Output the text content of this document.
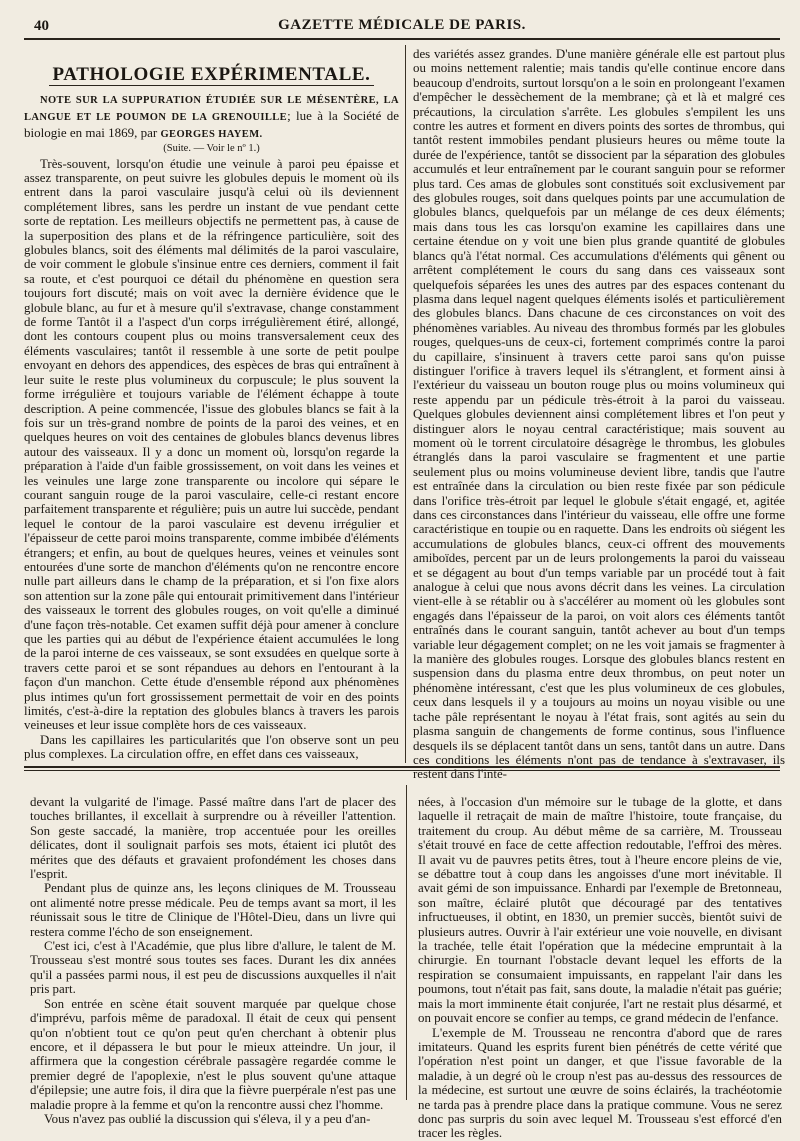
40	GAZETTE MÉDICALE DE PARIS.
PATHOLOGIE EXPÉRIMENTALE.

NOTE SUR LA SUPPURATION ÉTUDIÉE SUR LE MÉSENTÈRE, LA LANGUE ET LE POUMON DE LA GRENOUILLE; lue à la Société de biologie en mai 1869, par GEORGES HAYEM.

(Suite. — Voir le nº 1.)

Très-souvent, lorsqu'on étudie une veinule à paroi peu épaisse et assez transparente, on peut suivre les globules depuis le moment où ils entrent dans la paroi vasculaire jusqu'à celui où ils deviennent complétement libres, sans les perdre un instant de vue pendant cette sorte de reptation. Les meilleurs objectifs ne permettent pas, à cause de la superposition des plans et de la réfringence particulière, soit des globules blancs, soit des éléments mal délimités de la paroi vasculaire, de voir comment le globule s'insinue entre ces derniers, comment il fait sa route, et c'est pourquoi ce détail du phénomène en question sera toujours fort discuté; mais on voit avec la dernière évidence que le globule blanc, au fur et à mesure qu'il s'extravase, change constamment de forme Tantôt il a l'aspect d'un corps irrégulièrement étiré, allongé, dont les contours coupent plus ou moins transversalement ceux des éléments vasculaires; tantôt il ressemble à une sorte de petit poulpe envoyant en dehors des appendices, des espèces de bras qui entraînent à leur suite le reste plus volumineux du corpuscule; le plus souvent la forme irrégulière et toujours variable de l'élément échappe à toute description. A peine commencée, l'issue des globules blancs se fait à la fois sur un très-grand nombre de points de la paroi des veines, et en quelques heures on voit des centaines de globules blancs devenus libres autour des vaisseaux. Il y a donc un moment où, lorsqu'on regarde la préparation à l'aide d'un faible grossissement, on voit dans les veines et les veinules une large zone transparente ou incolore qui sépare le courant sanguin rouge de la paroi vasculaire, celle-ci restant encore parfaitement transparente et régulière; puis un autre lui succède, pendant lequel le contour de la paroi vasculaire est devenu irrégulier et l'épaisseur de cette paroi moins transparente, comme imbibée d'éléments étrangers; et enfin, au bout de quelques heures, veines et veinules sont entourées d'une sorte de manchon d'éléments qu'on ne rencontre encore nulle part ailleurs dans le champ de la préparation, et si l'on fixe alors son attention sur la zone pâle qui entourait primitivement dans l'intérieur des vaisseaux le torrent des globules rouges, on voit qu'elle a diminué d'une façon très-notable. Cet examen suffit déjà pour amener à conclure que les parties qui au début de l'expérience étaient accumulées le long de la paroi interne de ces vaisseaux, se sont exsudées en quelque sorte à travers cette paroi et se sont répandues au dehors en l'entourant à la façon d'un manchon. Cette étude d'ensemble répond aux phénomènes plus intimes qu'un fort grossissement permettait de voir en des points limités, c'est-à-dire la reptation des globules blancs à travers les parois veineuses et leur issue complète hors de ces vaisseaux.

Dans les capillaires les particularités que l'on observe sont un peu plus complexes. La circulation offre, en effet dans ces vaisseaux,

des variétés assez grandes. D'une manière générale elle est partout plus ou moins nettement ralentie; mais tandis qu'elle continue encore dans beaucoup d'endroits, surtout lorsqu'on a le soin en prolongeant l'examen d'empêcher le dessèchement de la membrane; çà et là et malgré ces précautions, la circulation s'arrête. Les globules s'empilent les uns contre les autres et forment en divers points des sortes de thrombus, qui tantôt restent immobiles pendant plusieurs heures ou même toute la durée de l'expérience, tantôt se dissocient par la séparation des globules accumulés et leur entraînement par le courant sanguin pour se reformer plus tard. Ces amas de globules sont constitués soit exclusivement par des globules rouges, soit dans quelques points par une accumulation de globules blancs, quelquefois par un mélange de ces deux éléments; mais dans tous les cas lorsqu'on examine les capillaires dans une certaine étendue on y voit une bien plus grande quantité de globules blancs qu'à l'état normal. Ces accumulations d'éléments qui gênent ou arrêtent complétement le cours du sang dans ces vaisseaux sont quelquefois séparées les unes des autres par des espaces contenant du plasma dans lequel nagent quelques éléments isolés et particulièrement des globules blancs. Dans chacune de ces circonstances on voit des phénomènes variables. Au niveau des thrombus formés par les globules rouges, quelques-uns de ceux-ci, fortement comprimés contre la paroi du capillaire, s'insinuent à travers cette paroi sans qu'on puisse distinguer l'orifice à travers lequel ils s'étranglent, et forment ainsi à l'extérieur du vaisseau un bouton rouge plus ou moins volumineux qui reste appendu par un pédicule très-étroit à la paroi du vaisseau. Quelques globules deviennent ainsi complétement libres et l'on peut y distinguer alors le noyau central caractéristique; mais souvent au moment où le torrent circulatoire désagrège le thrombus, les globules étranglés dans la paroi vasculaire se fragmentent et une partie seulement plus ou moins volumineuse devient libre, tandis que l'autre est entraînée dans la circulation ou bien reste fixée par son pédicule dans l'orifice très-étroit par lequel le globule s'était engagé, et, agitée dans ces circonstances dans l'intérieur du vaisseau, elle offre une forme caractéristique en toupie ou en raquette. Dans les endroits où siégent les accumulations de globules blancs, ceux-ci offrent des mouvements amiboïdes, percent par un de leurs prolongements la paroi du vaisseau et se dégagent au bout d'un temps variable par un procédé tout à fait analogue à celui que nous avons décrit dans les veines. La circulation vient-elle à se rétablir ou à s'accélérer au moment où les globules sont engagés dans l'épaisseur de la paroi, on voit alors ces éléments tantôt entraînés dans le courant sanguin, tantôt achever au bout d'un temps variable leur dégagement complet; on ne les voit jamais se fragmenter à la manière des globules rouges. Lorsque des globules blancs restent en suspension dans du plasma entre deux thrombus, on peut noter un phénomène intéressant, c'est que les plus volumineux de ces globules, ceux dans lesquels il y a toujours au moins un noyau visible ou une tache pâle représentant le noyau à l'état frais, sont agités au sein du plasma sanguin de changements de forme continus, sous l'influence desquels ils se déplacent tantôt dans un sens, tantôt dans un autre. Dans ces conditions les éléments n'ont pas de tendance à s'extravaser, ils restent dans l'inté-

devant la vulgarité de l'image. Passé maître dans l'art de placer des touches brillantes, il excellait à surprendre ou à réveiller l'attention. Son geste saccadé, la manière, trop accentuée pour les oreilles délicates, dont il soulignait parfois ses mots, étaient ici plutôt des mérites que des défauts et gravaient profondément les choses dans l'esprit.

Pendant plus de quinze ans, les leçons cliniques de M. Trousseau ont alimenté notre presse médicale. Peu de temps avant sa mort, il les réunissait sous le titre de Clinique de l'Hôtel-Dieu, dans un livre qui restera comme l'écho de son enseignement.

C'est ici, c'est à l'Académie, que plus libre d'allure, le talent de M. Trousseau s'est montré sous toutes ses faces. Durant les dix années qu'il a passées parmi nous, il est peu de discussions auxquelles il n'ait pris part.

Son entrée en scène était souvent marquée par quelque chose d'imprévu, parfois même de paradoxal. Il était de ceux qui pensent qu'on n'obtient tout ce qu'on peut qu'en cherchant à obtenir plus encore, et il dépassera le but pour le mieux atteindre. Un jour, il affirmera que la congestion cérébrale passagère regardée comme le premier degré de l'apoplexie, n'est le plus souvent qu'une attaque d'épilepsie; une autre fois, il dira que la fièvre puerpérale n'est pas une maladie propre à la femme et qu'on la rencontre aussi chez l'homme.

Vous n'avez pas oublié la discussion qui s'éleva, il y a peu d'an-

nées, à l'occasion d'un mémoire sur le tubage de la glotte, et dans laquelle il retraçait de main de maître l'histoire, toute française, du traitement du croup. Au début même de sa carrière, M. Trousseau s'était trouvé en face de cette affection redoutable, l'effroi des mères. Il avait vu de pauvres petits êtres, tout à l'heure encore pleins de vie, se débattre tout à coup dans les angoisses d'une mort inévitable. Il avait gémi de son impuissance. Enhardi par l'exemple de Bretonneau, son maître, éclairé plutôt que découragé par des tentatives infructueuses, il obtint, en 1830, un premier succès, bientôt suivi de plusieurs autres. Ouvrir à l'air extérieur une voie nouvelle, en divisant la trachée, telle était l'opération que la médecine empruntait à la chirurgie. En tournant l'obstacle devant lequel les efforts de la respiration se consumaient impuissants, en rappelant l'air dans les poumons, tout n'était pas fait, sans doute, la maladie n'était pas guérie; mais la mort imminente était conjurée, l'art ne restait plus désarmé, et on pouvait encore se confier au temps, ce grand médecin de l'enfance.

L'exemple de M. Trousseau ne rencontra d'abord que de rares imitateurs. Quand les esprits furent bien pénétrés de cette vérité que l'opération n'est point un danger, et que l'issue favorable de la maladie, à un degré où le croup n'est pas au-dessus des ressources de la médecine, est surtout une œuvre de soins éclairés, la trachéotomie ne tarda pas à prendre place dans la pratique commune. Vous ne serez donc pas surpris du soin avec lequel M. Trousseau s'est efforcé d'en tracer les règles.
